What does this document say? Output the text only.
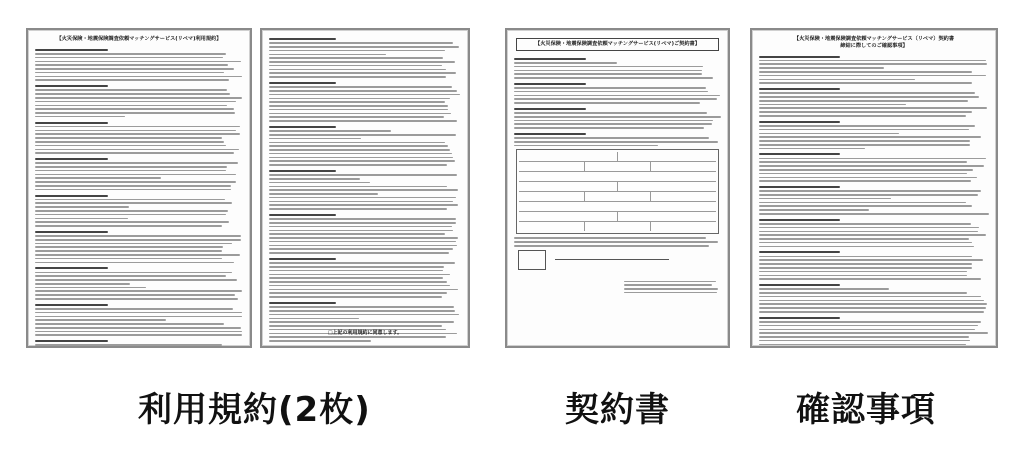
【火災保険・地震保険調査依頼マッチングサービス(リペマ)利用規約】
□上記の利用規約に同意します。
【火災保険・地震保険調査依頼マッチングサービス(リペマ)ご契約書】

【火災保険・地震保険調査依頼マッチングサービス（リペマ）契約書
締結に際してのご確認事項】

利用規約(2枚)	契約書	確認事項
